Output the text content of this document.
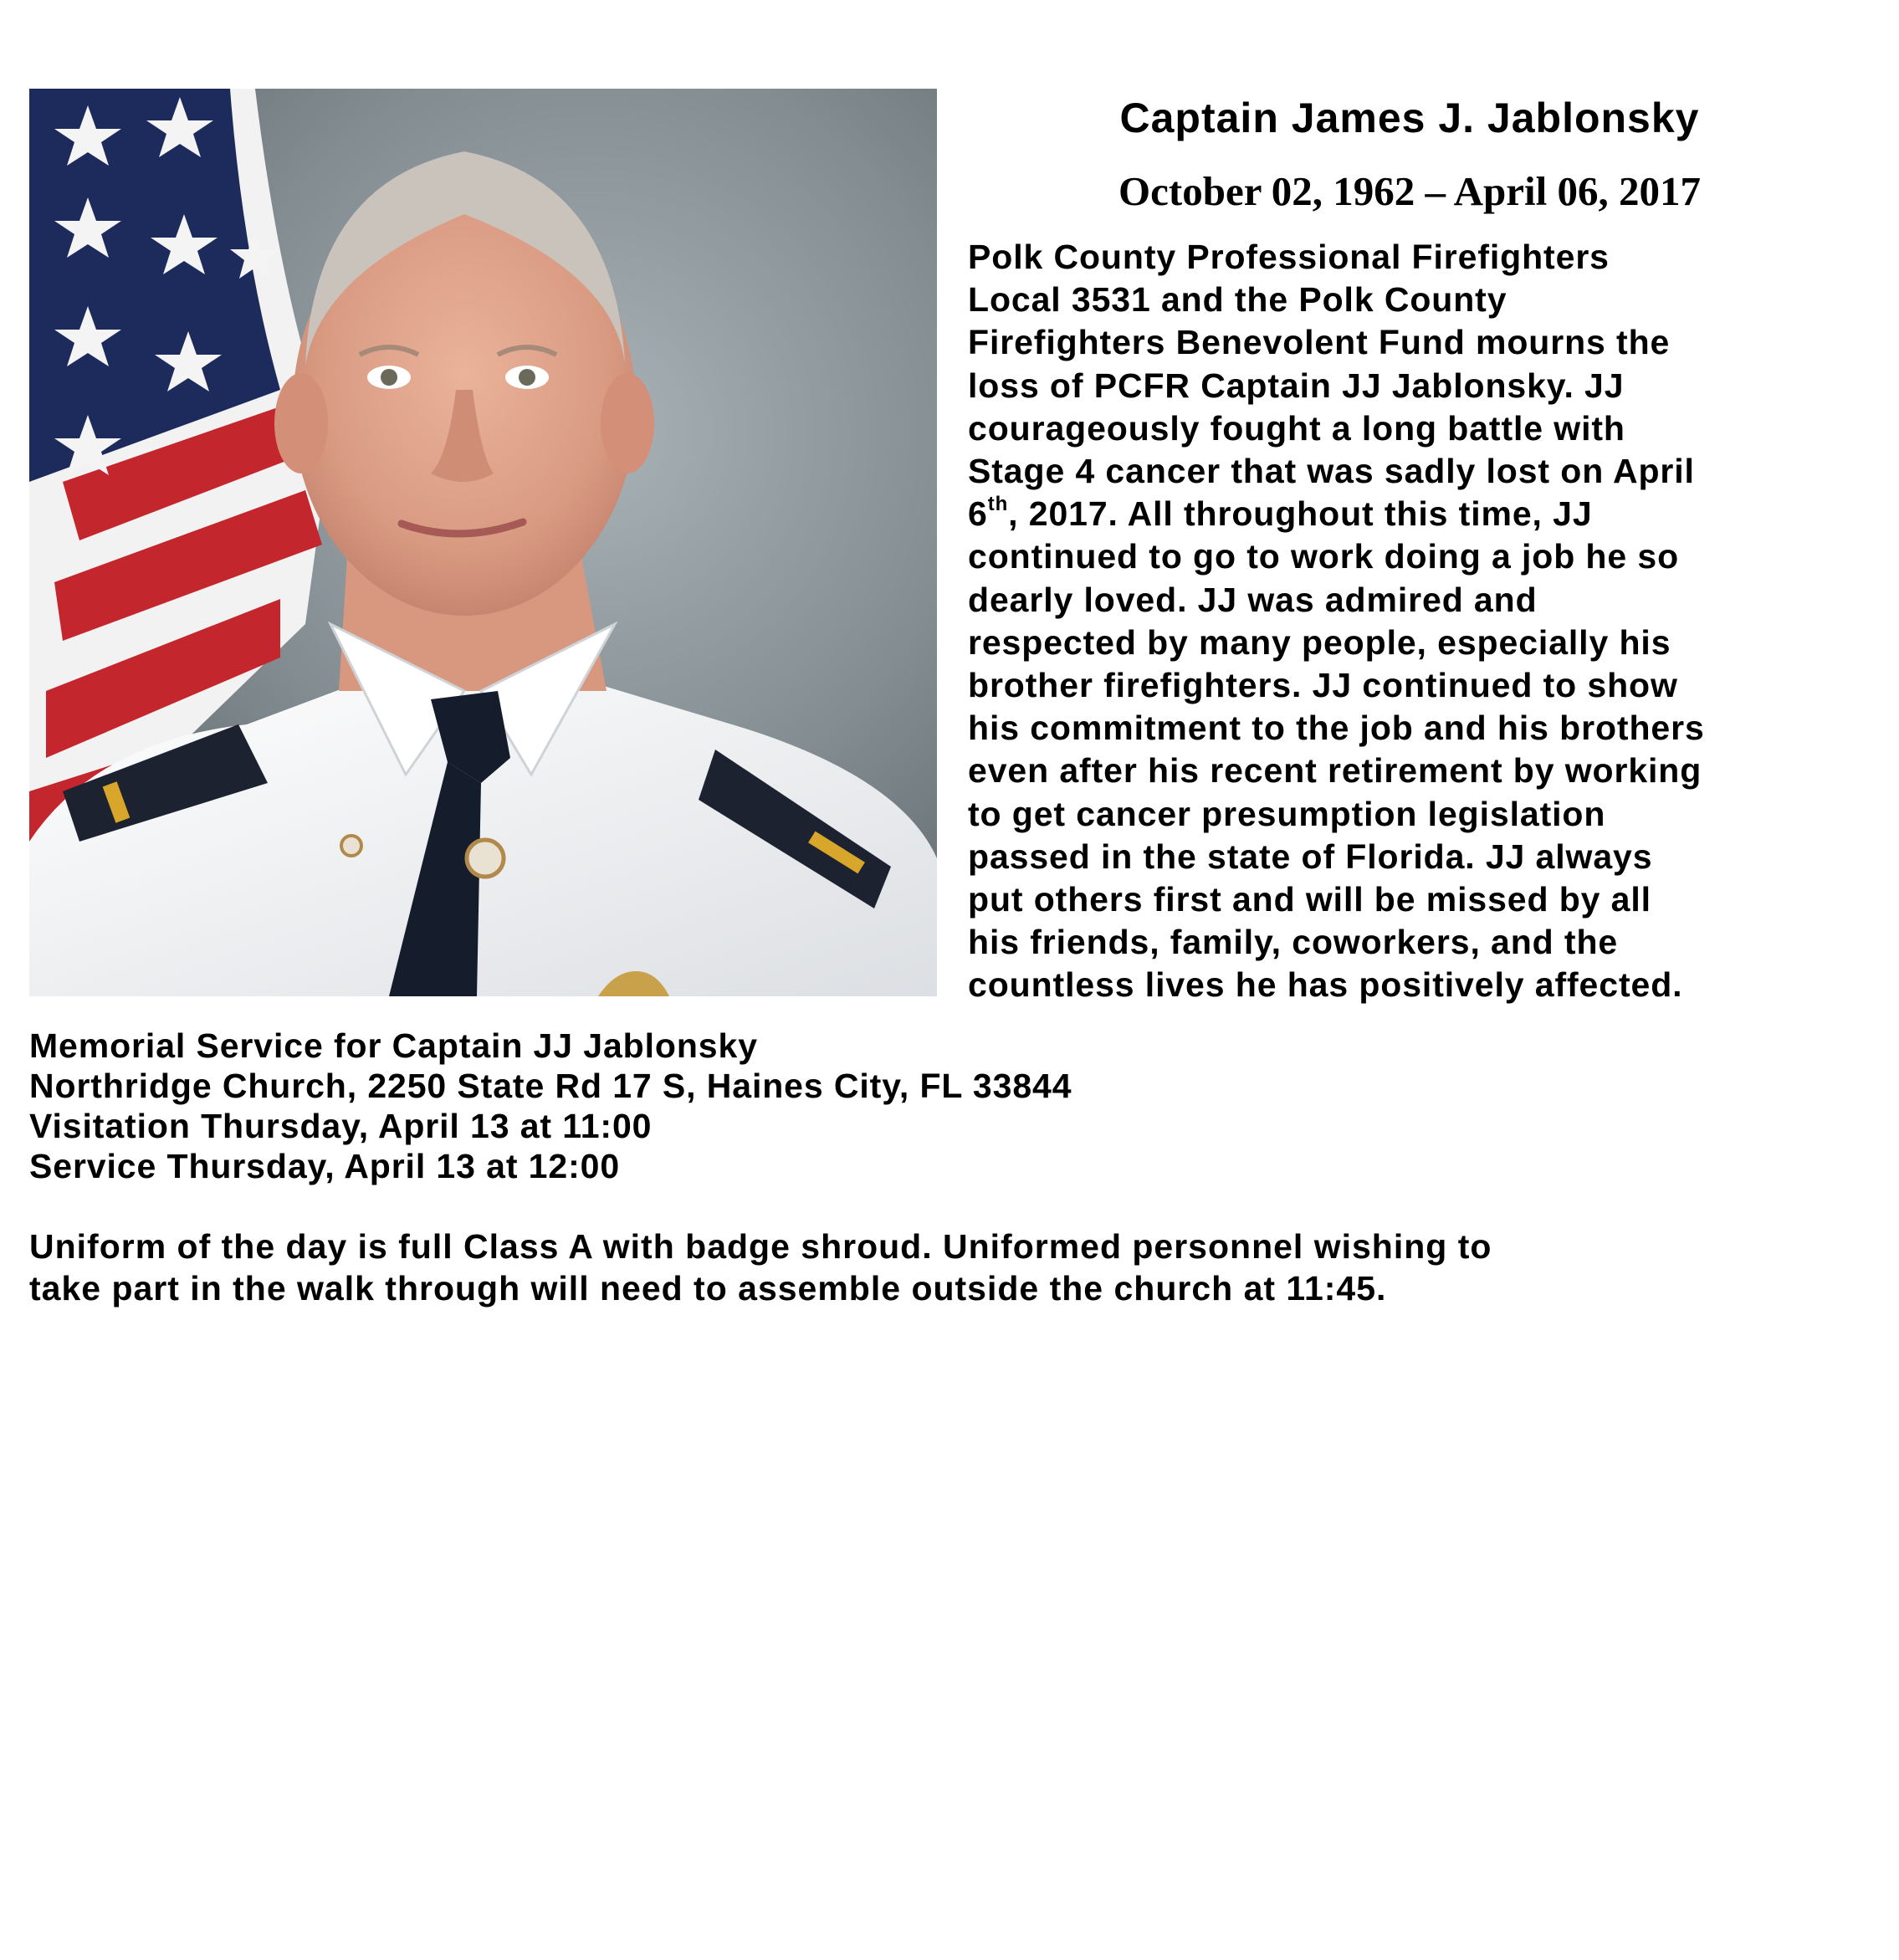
Captain James J. Jablonsky
October 02, 1962 – April 06, 2017
Polk County Professional Firefighters
Local 3531 and the Polk County
Firefighters Benevolent Fund mourns the
loss of PCFR Captain JJ Jablonsky. JJ
courageously fought a long battle with
Stage 4 cancer that was sadly lost on April
6th, 2017. All throughout this time, JJ
continued to go to work doing a job he so
dearly loved. JJ was admired and
respected by many people, especially his
brother firefighters. JJ continued to show
his commitment to the job and his brothers
even after his recent retirement by working
to get cancer presumption legislation
passed in the state of Florida. JJ always
put others first and will be missed by all
his friends, family, coworkers, and the
countless lives he has positively affected.
Memorial Service for Captain JJ Jablonsky
Northridge Church, 2250 State Rd 17 S, Haines City, FL 33844
Visitation Thursday, April 13 at 11:00
Service Thursday, April 13 at 12:00
Uniform of the day is full Class A with badge shroud. Uniformed personnel wishing to
take part in the walk through will need to assemble outside the church at 11:45.
